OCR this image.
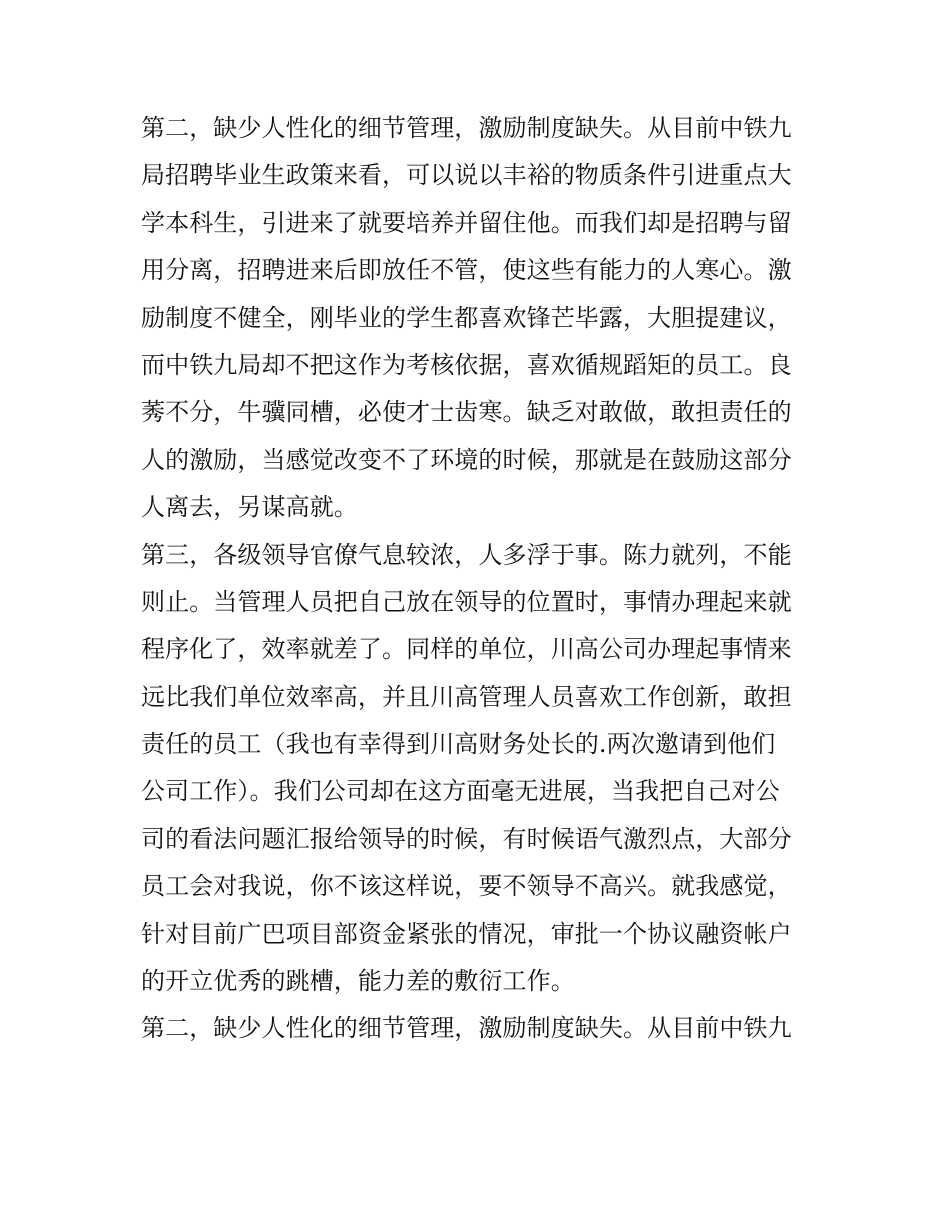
第二，缺少人性化的细节管理，激励制度缺失。从目前中铁九
局招聘毕业生政策来看，可以说以丰裕的物质条件引进重点大
学本科生，引进来了就要培养并留住他。而我们却是招聘与留
用分离，招聘进来后即放任不管，使这些有能力的人寒心。激
励制度不健全，刚毕业的学生都喜欢锋芒毕露，大胆提建议，
而中铁九局却不把这作为考核依据，喜欢循规蹈矩的员工。良
莠不分，牛骥同槽，必使才士齿寒。缺乏对敢做，敢担责任的
人的激励，当感觉改变不了环境的时候，那就是在鼓励这部分
人离去，另谋高就。
第三，各级领导官僚气息较浓，人多浮于事。陈力就列，不能
则止。当管理人员把自己放在领导的位置时，事情办理起来就
程序化了，效率就差了。同样的单位，川高公司办理起事情来
远比我们单位效率高，并且川高管理人员喜欢工作创新，敢担
责任的员工（我也有幸得到川高财务处长的.两次邀请到他们
公司工作）。我们公司却在这方面毫无进展，当我把自己对公
司的看法问题汇报给领导的时候，有时候语气激烈点，大部分
员工会对我说，你不该这样说，要不领导不高兴。就我感觉，
针对目前广巴项目部资金紧张的情况，审批一个协议融资帐户
的开立优秀的跳槽，能力差的敷衍工作。
第二，缺少人性化的细节管理，激励制度缺失。从目前中铁九
